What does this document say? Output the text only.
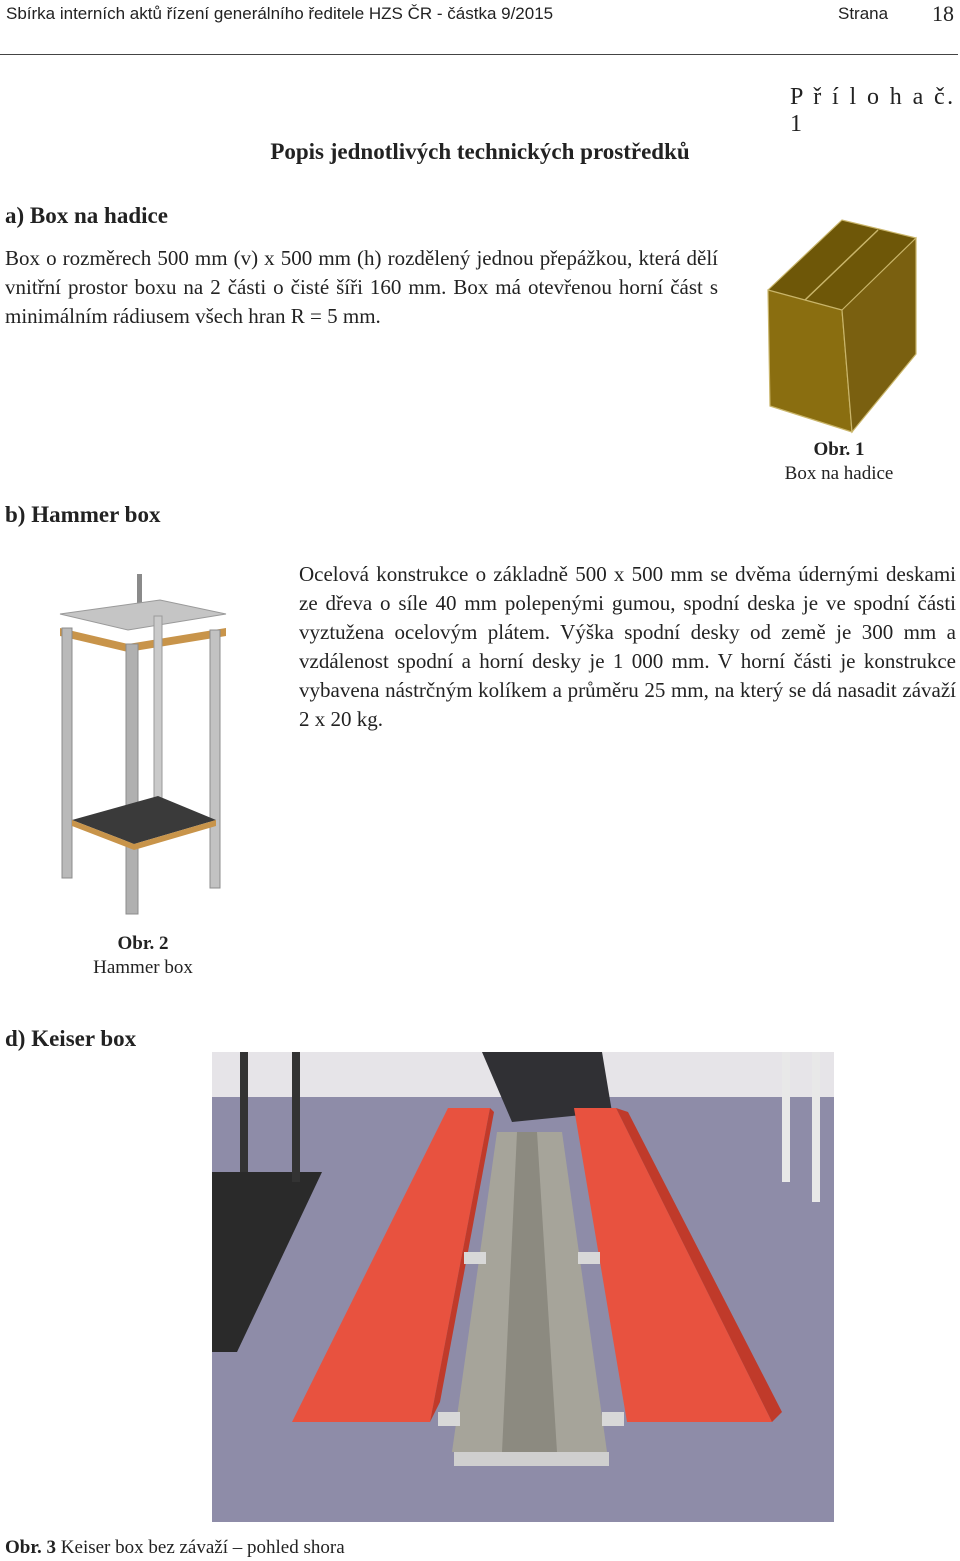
Sbírka interních aktů řízení generálního ředitele HZS ČR - částka 9/2015	Strana 18
P ř í l o h a č. 1
Popis jednotlivých technických prostředků
a) Box na hadice
Box o rozměrech 500 mm (v) x 500 mm (h) rozdělený jednou přepážkou, která dělí vnitřní prostor boxu na 2 části o čisté šíři 160 mm. Box má otevřenou horní část s minimálním rádiusem všech hran R = 5 mm.
Obr. 1
Box na hadice
b) Hammer box
Ocelová konstrukce o základně 500 x 500 mm se dvěma údernými deskami ze dřeva o síle 40 mm polepenými gumou, spodní deska je ve spodní části vyztužena ocelovým plátem. Výška spodní desky od země je 300 mm a vzdálenost spodní a horní desky je 1 000 mm. V horní části je konstrukce vybavena nástrčným kolíkem a průměru 25 mm, na který se dá nasadit závaží 2 x 20 kg.
Obr. 2
Hammer box
d) Keiser box
Obr. 3 Keiser box bez závaží – pohled shora
